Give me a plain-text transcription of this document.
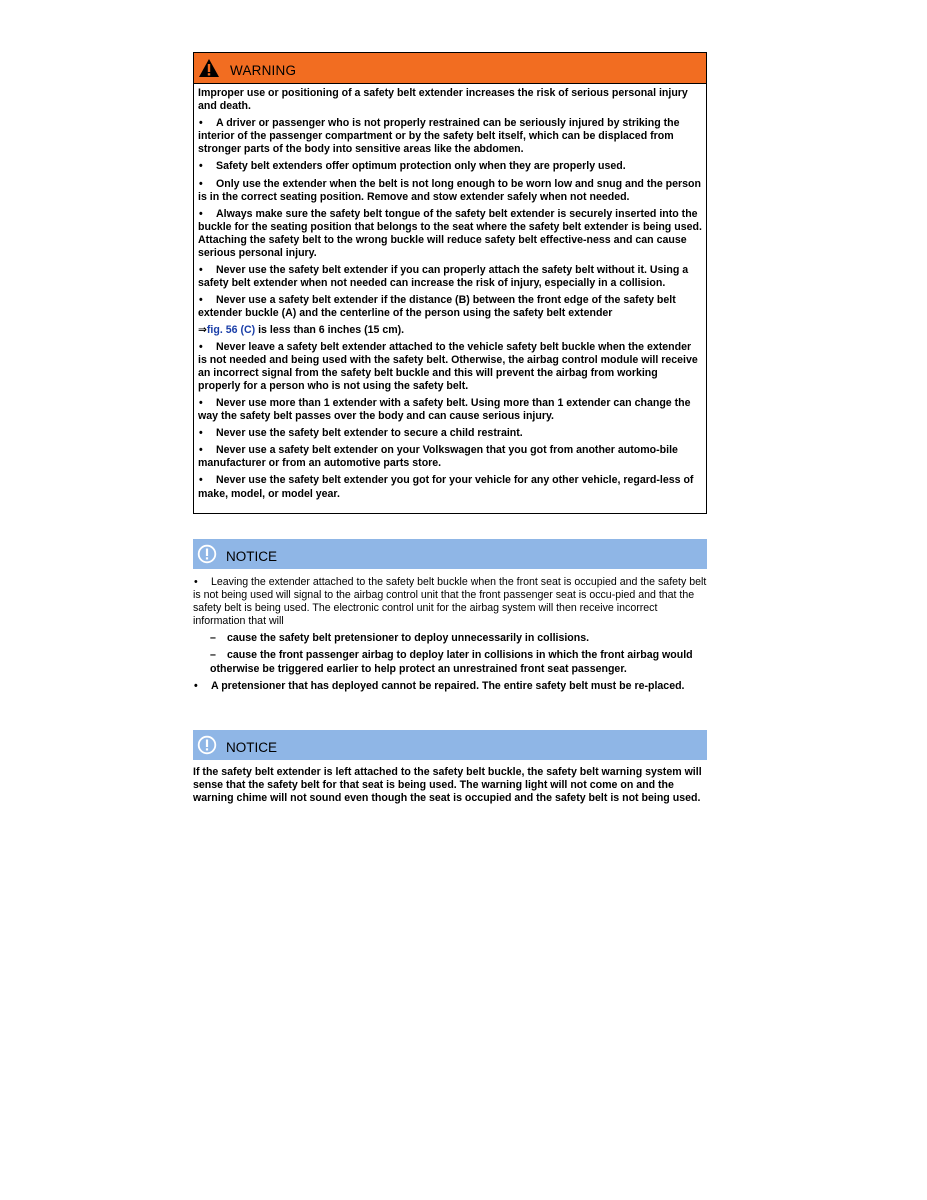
WARNING

Improper use or positioning of a safety belt extender increases the risk of serious personal injury and death.

• A driver or passenger who is not properly restrained can be seriously injured by striking the interior of the passenger compartment or by the safety belt itself, which can be displaced from stronger parts of the body into sensitive areas like the abdomen.

• Safety belt extenders offer optimum protection only when they are properly used.

• Only use the extender when the belt is not long enough to be worn low and snug and the person is in the correct seating position. Remove and stow extender safely when not needed.

• Always make sure the safety belt tongue of the safety belt extender is securely inserted into the buckle for the seating position that belongs to the seat where the safety belt extender is being used. Attaching the safety belt to the wrong buckle will reduce safety belt effective-ness and can cause serious personal injury.

• Never use the safety belt extender if you can properly attach the safety belt without it. Using a safety belt extender when not needed can increase the risk of injury, especially in a collision.

• Never use a safety belt extender if the distance (B) between the front edge of the safety belt extender buckle (A) and the centerline of the person using the safety belt extender

⇒fig. 56 (C) is less than 6 inches (15 cm).

• Never leave a safety belt extender attached to the vehicle safety belt buckle when the extender is not needed and being used with the safety belt. Otherwise, the airbag control module will receive an incorrect signal from the safety belt buckle and this will prevent the airbag from working properly for a person who is not using the safety belt.

• Never use more than 1 extender with a safety belt. Using more than 1 extender can change the way the safety belt passes over the body and can cause serious injury.

• Never use the safety belt extender to secure a child restraint.

• Never use a safety belt extender on your Volkswagen that you got from another automo-bile manufacturer or from an automotive parts store.

• Never use the safety belt extender you got for your vehicle for any other vehicle, regard-less of make, model, or model year.

NOTICE

• Leaving the extender attached to the safety belt buckle when the front seat is occupied and the safety belt is not being used will signal to the airbag control unit that the front passenger seat is occu-pied and that the safety belt is being used. The electronic control unit for the airbag system will then receive incorrect information that will

– cause the safety belt pretensioner to deploy unnecessarily in collisions.

– cause the front passenger airbag to deploy later in collisions in which the front airbag would otherwise be triggered earlier to help protect an unrestrained front seat passenger.

• A pretensioner that has deployed cannot be repaired. The entire safety belt must be re-placed.

NOTICE

If the safety belt extender is left attached to the safety belt buckle, the safety belt warning system will sense that the safety belt for that seat is being used. The warning light will not come on and the warning chime will not sound even though the seat is occupied and the safety belt is not being used.
